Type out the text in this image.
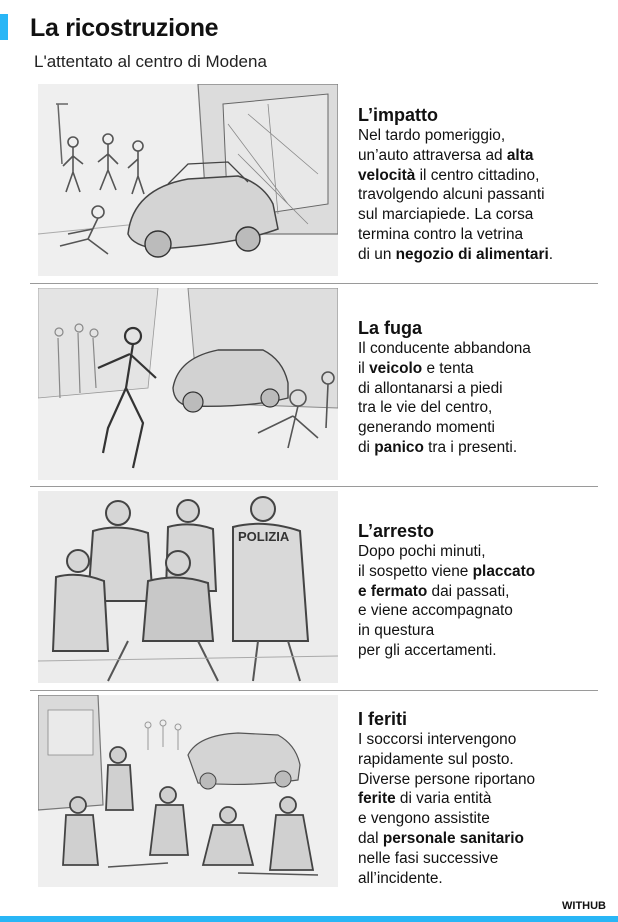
La ricostruzione
L'attentato al centro di Modena
L’impatto
Nel tardo pomeriggio,
un’auto attraversa ad alta
velocità il centro cittadino,
travolgendo alcuni passanti
sul marciapiede. La corsa
termina contro la vetrina
di un negozio di alimentari.
La fuga
Il conducente abbandona
il veicolo e tenta
di allontanarsi a piedi
tra le vie del centro,
generando momenti
di panico tra i presenti.
POLIZIA	L’arresto
Dopo pochi minuti,
il sospetto viene placcato
e fermato dai passati,
e viene accompagnato
in questura
per gli accertamenti.
I feriti
I soccorsi intervengono
rapidamente sul posto.
Diverse persone riportano
ferite di varia entità
e vengono assistite
dal personale sanitario
nelle fasi successive
all’incidente.
WITHUB
